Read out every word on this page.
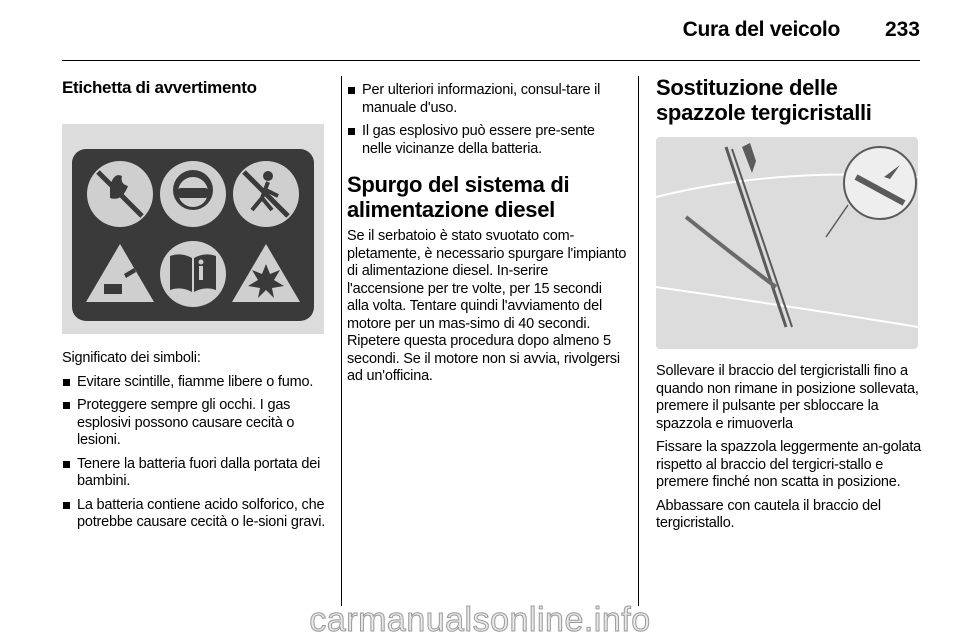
Cura del veicolo 233
Etichetta di avvertimento

Significato dei simboli:

Evitare scintille, fiamme libere o fumo.
Proteggere sempre gli occhi. I gas esplosivi possono causare cecità o lesioni.
Tenere la batteria fuori dalla portata dei bambini.
La batteria contiene acido solforico, che potrebbe causare cecità o le-sioni gravi.
Per ulteriori informazioni, consul-tare il manuale d'uso.
Il gas esplosivo può essere pre-sente nelle vicinanze della batteria.
Spurgo del sistema di alimentazione diesel

Se il serbatoio è stato svuotato com-pletamente, è necessario spurgare l'impianto di alimentazione diesel. In-serire l'accensione per tre volte, per 15 secondi alla volta. Tentare quindi l'avviamento del motore per un mas-simo di 40 secondi. Ripetere questa procedura dopo almeno 5 secondi. Se il motore non si avvia, rivolgersi ad un'officina.

Sostituzione delle spazzole tergicristalli

Sollevare il braccio del tergicristalli fino a quando non rimane in posizione sollevata, premere il pulsante per sbloccare la spazzola e rimuoverla

Fissare la spazzola leggermente an-golata rispetto al braccio del tergicri-stallo e premere finché non scatta in posizione.

Abbassare con cautela il braccio del tergicristallo.

carmanualsonline.info
